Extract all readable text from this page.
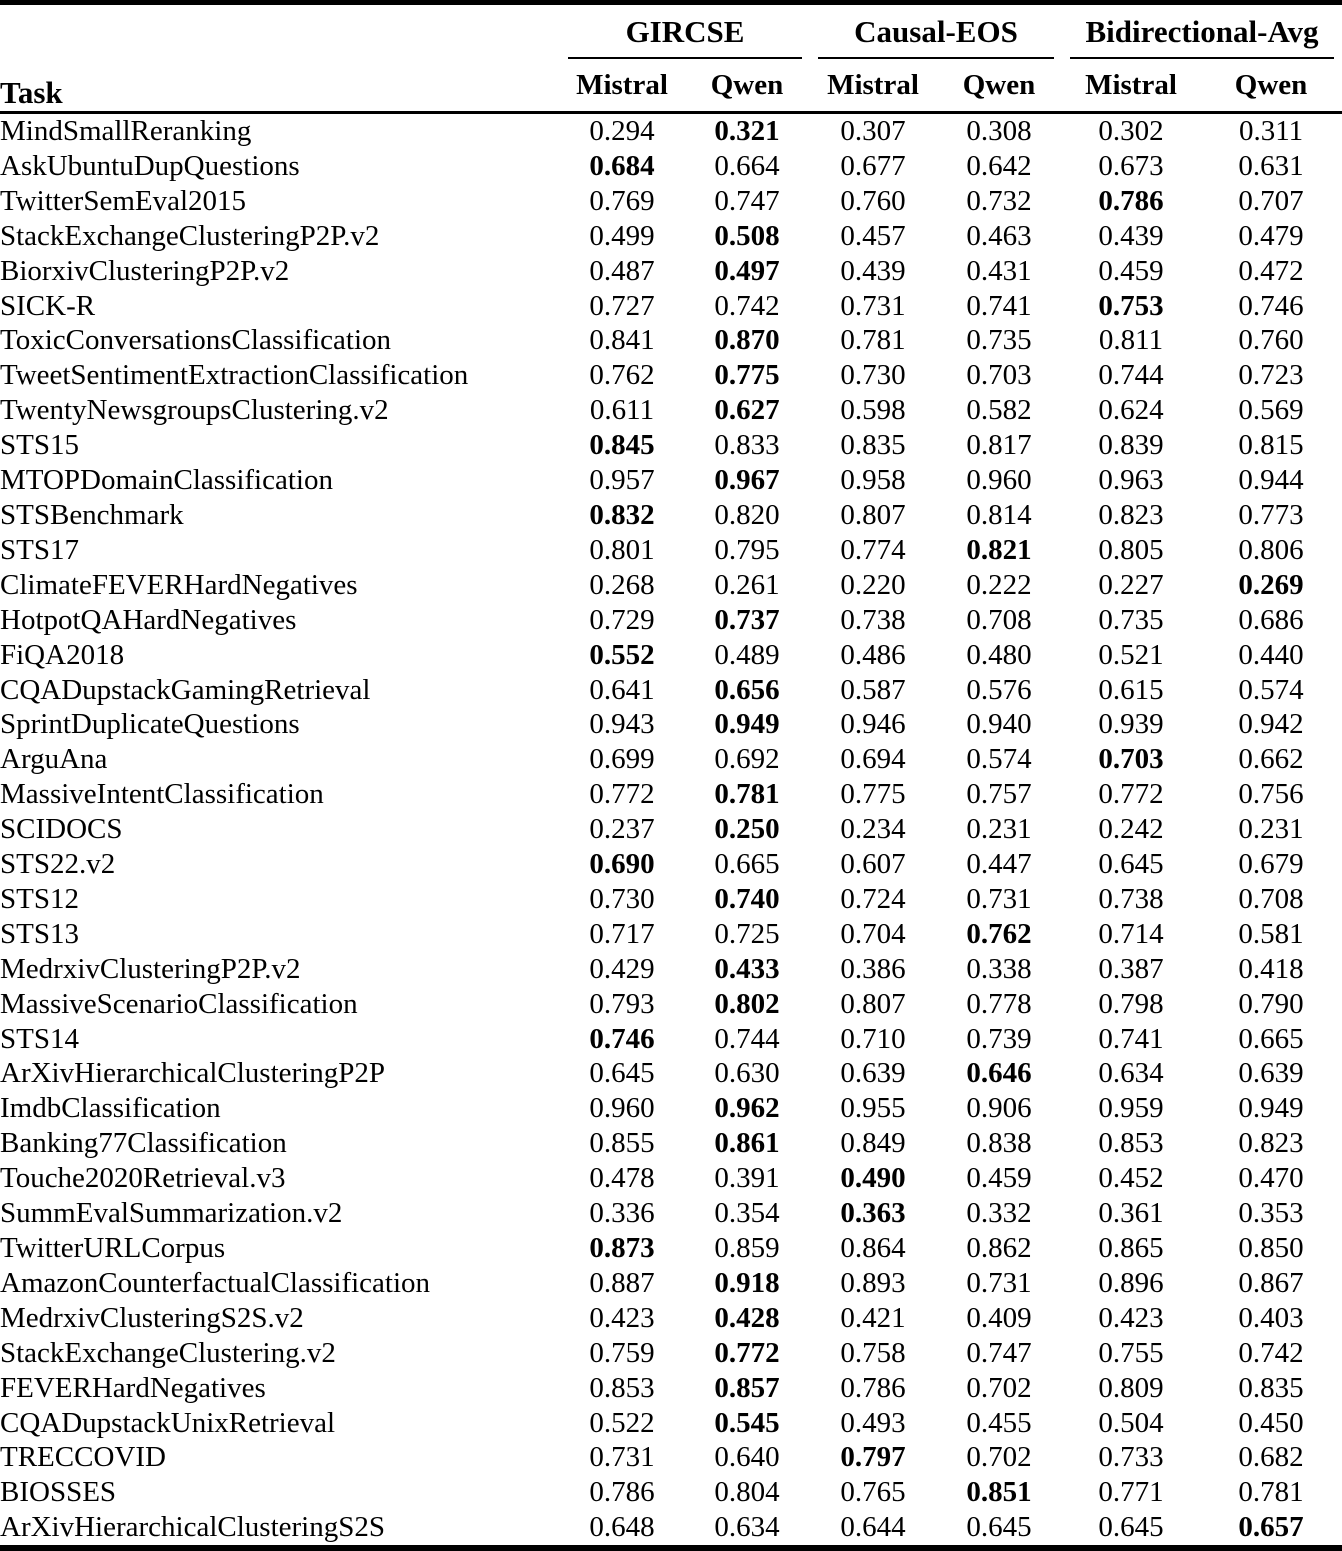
Task	GIRCSE		Causal-EOS		Bidirectional-Avg	

	Mistral	Qwen	Mistral	Qwen	Mistral	Qwen

MindSmallReranking	0.294	0.321	0.307	0.308	0.302	0.311
AskUbuntuDupQuestions	0.684	0.664	0.677	0.642	0.673	0.631
TwitterSemEval2015	0.769	0.747	0.760	0.732	0.786	0.707
StackExchangeClusteringP2P.v2	0.499	0.508	0.457	0.463	0.439	0.479
BiorxivClusteringP2P.v2	0.487	0.497	0.439	0.431	0.459	0.472
SICK-R	0.727	0.742	0.731	0.741	0.753	0.746
ToxicConversationsClassification	0.841	0.870	0.781	0.735	0.811	0.760
TweetSentimentExtractionClassification	0.762	0.775	0.730	0.703	0.744	0.723
TwentyNewsgroupsClustering.v2	0.611	0.627	0.598	0.582	0.624	0.569
STS15	0.845	0.833	0.835	0.817	0.839	0.815
MTOPDomainClassification	0.957	0.967	0.958	0.960	0.963	0.944
STSBenchmark	0.832	0.820	0.807	0.814	0.823	0.773
STS17	0.801	0.795	0.774	0.821	0.805	0.806
ClimateFEVERHardNegatives	0.268	0.261	0.220	0.222	0.227	0.269
HotpotQAHardNegatives	0.729	0.737	0.738	0.708	0.735	0.686
FiQA2018	0.552	0.489	0.486	0.480	0.521	0.440
CQADupstackGamingRetrieval	0.641	0.656	0.587	0.576	0.615	0.574
SprintDuplicateQuestions	0.943	0.949	0.946	0.940	0.939	0.942
ArguAna	0.699	0.692	0.694	0.574	0.703	0.662
MassiveIntentClassification	0.772	0.781	0.775	0.757	0.772	0.756
SCIDOCS	0.237	0.250	0.234	0.231	0.242	0.231
STS22.v2	0.690	0.665	0.607	0.447	0.645	0.679
STS12	0.730	0.740	0.724	0.731	0.738	0.708
STS13	0.717	0.725	0.704	0.762	0.714	0.581
MedrxivClusteringP2P.v2	0.429	0.433	0.386	0.338	0.387	0.418
MassiveScenarioClassification	0.793	0.802	0.807	0.778	0.798	0.790
STS14	0.746	0.744	0.710	0.739	0.741	0.665
ArXivHierarchicalClusteringP2P	0.645	0.630	0.639	0.646	0.634	0.639
ImdbClassification	0.960	0.962	0.955	0.906	0.959	0.949
Banking77Classification	0.855	0.861	0.849	0.838	0.853	0.823
Touche2020Retrieval.v3	0.478	0.391	0.490	0.459	0.452	0.470
SummEvalSummarization.v2	0.336	0.354	0.363	0.332	0.361	0.353
TwitterURLCorpus	0.873	0.859	0.864	0.862	0.865	0.850
AmazonCounterfactualClassification	0.887	0.918	0.893	0.731	0.896	0.867
MedrxivClusteringS2S.v2	0.423	0.428	0.421	0.409	0.423	0.403
StackExchangeClustering.v2	0.759	0.772	0.758	0.747	0.755	0.742
FEVERHardNegatives	0.853	0.857	0.786	0.702	0.809	0.835
CQADupstackUnixRetrieval	0.522	0.545	0.493	0.455	0.504	0.450
TRECCOVID	0.731	0.640	0.797	0.702	0.733	0.682
BIOSSES	0.786	0.804	0.765	0.851	0.771	0.781
ArXivHierarchicalClusteringS2S	0.648	0.634	0.644	0.645	0.645	0.657
